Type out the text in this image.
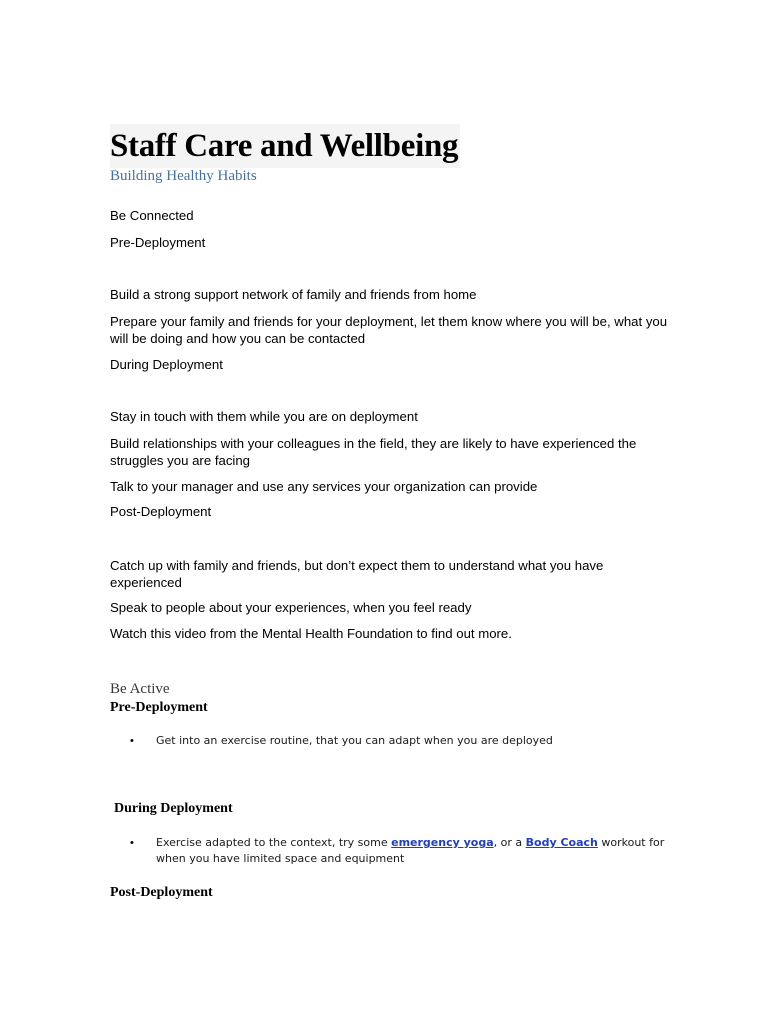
Staff Care and Wellbeing
Building Healthy Habits

Be Connected

Pre-Deployment

Build a strong support network of family and friends from home

Prepare your family and friends for your deployment, let them know where you will be, what you will be doing and how you can be contacted

During Deployment

Stay in touch with them while you are on deployment

Build relationships with your colleagues in the field, they are likely to have experienced the struggles you are facing

Talk to your manager and use any services your organization can provide

Post-Deployment

Catch up with family and friends, but don’t expect them to understand what you have experienced

Speak to people about your experiences, when you feel ready

Watch this video from the Mental Health Foundation to find out more.

Be Active
Pre-Deployment
• Get into an exercise routine, that you can adapt when you are deployed
During Deployment
• Exercise adapted to the context, try some emergency yoga, or a Body Coach workout for when you have limited space and equipment
Post-Deployment
